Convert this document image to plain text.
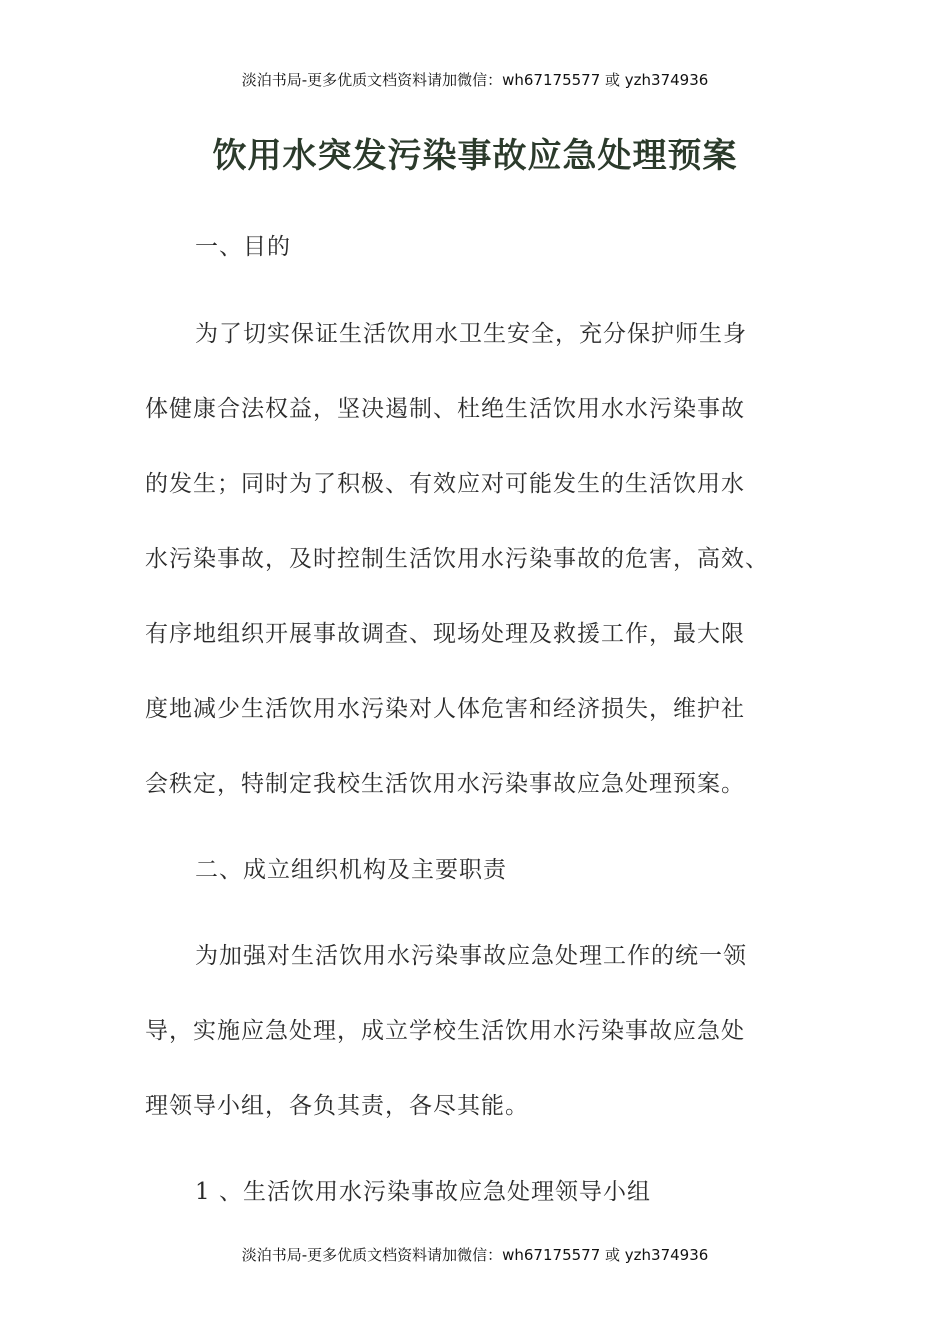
淡泊书局-更多优质文档资料请加微信：wh67175577 或 yzh374936
饮用水突发污染事故应急处理预案
一、目的
为了切实保证生活饮用水卫生安全，充分保护师生身
体健康合法权益，坚决遏制、杜绝生活饮用水水污染事故
的发生；同时为了积极、有效应对可能发生的生活饮用水
水污染事故，及时控制生活饮用水污染事故的危害，高效、
有序地组织开展事故调查、现场处理及救援工作，最大限
度地减少生活饮用水污染对人体危害和经济损失，维护社
会秩定，特制定我校生活饮用水污染事故应急处理预案。
二、成立组织机构及主要职责
为加强对生活饮用水污染事故应急处理工作的统一领
导，实施应急处理，成立学校生活饮用水污染事故应急处
理领导小组，各负其责，各尽其能。
1 、生活饮用水污染事故应急处理领导小组
淡泊书局-更多优质文档资料请加微信：wh67175577 或 yzh374936
